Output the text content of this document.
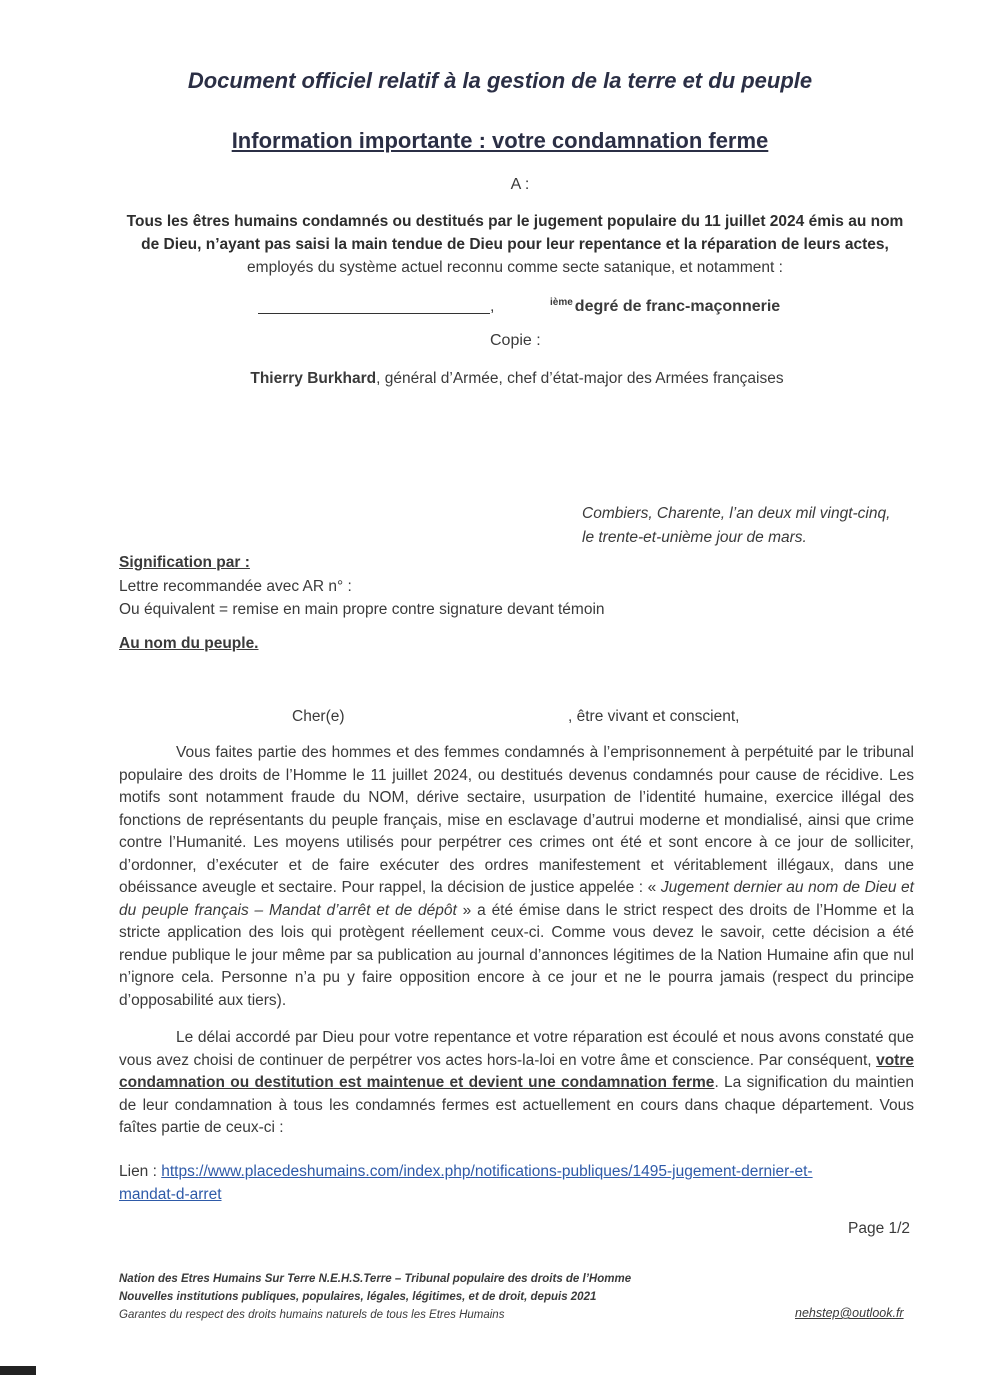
Document officiel relatif à la gestion de la terre et du peuple
Information importante : votre condamnation ferme
A :
Tous les êtres humains condamnés ou destitués par le jugement populaire du 11 juillet 2024 émis au nom
de Dieu, n’ayant pas saisi la main tendue de Dieu pour leur repentance et la réparation de leurs actes,
employés du système actuel reconnu comme secte satanique, et notamment :
,	$^{ième}$ degré de franc-maçonnerie
Copie :
Thierry Burkhard, général d’Armée, chef d’état-major des Armées françaises
Combiers, Charente, l’an deux mil vingt-cinq,
le trente-et-unième jour de mars.
Signification par :
Lettre recommandée avec AR n° :
Ou équivalent = remise en main propre contre signature devant témoin
Au nom du peuple.
Cher(e)	, être vivant et conscient,
Vous faites partie des hommes et des femmes condamnés à l’emprisonnement à perpétuité par le tribunal populaire des droits de l’Homme le 11 juillet 2024, ou destitués devenus condamnés pour cause de récidive. Les motifs sont notamment fraude du NOM, dérive sectaire, usurpation de l’identité humaine, exercice illégal des fonctions de représentants du peuple français, mise en esclavage d’autrui moderne et mondialisé, ainsi que crime contre l’Humanité. Les moyens utilisés pour perpétrer ces crimes ont été et sont encore à ce jour de solliciter, d’ordonner, d’exécuter et de faire exécuter des ordres manifestement et véritablement illégaux, dans une obéissance aveugle et sectaire. Pour rappel, la décision de justice appelée : « Jugement dernier au nom de Dieu et du peuple français – Mandat d’arrêt et de dépôt » a été émise dans le strict respect des droits de l’Homme et la stricte application des lois qui protègent réellement ceux-ci. Comme vous devez le savoir, cette décision a été rendue publique le jour même par sa publication au journal d’annonces légitimes de la Nation Humaine afin que nul n’ignore cela. Personne n’a pu y faire opposition encore à ce jour et ne le pourra jamais (respect du principe d’opposabilité aux tiers).
Le délai accordé par Dieu pour votre repentance et votre réparation est écoulé et nous avons constaté que vous avez choisi de continuer de perpétrer vos actes hors-la-loi en votre âme et conscience. Par conséquent, votre condamnation ou destitution est maintenue et devient une condamnation ferme. La signification du maintien de leur condamnation à tous les condamnés fermes est actuellement en cours dans chaque département. Vous faîtes partie de ceux-ci :
Lien : https://www.placedeshumains.com/index.php/notifications-publiques/1495-jugement-dernier-et-
mandat-d-arret
Page 1/2
Nation des Etres Humains Sur Terre N.E.H.S.Terre – Tribunal populaire des droits de l’Homme
Nouvelles institutions publiques, populaires, légales, légitimes, et de droit, depuis 2021
Garantes du respect des droits humains naturels de tous les Etres Humains	nehstep@outlook.fr
